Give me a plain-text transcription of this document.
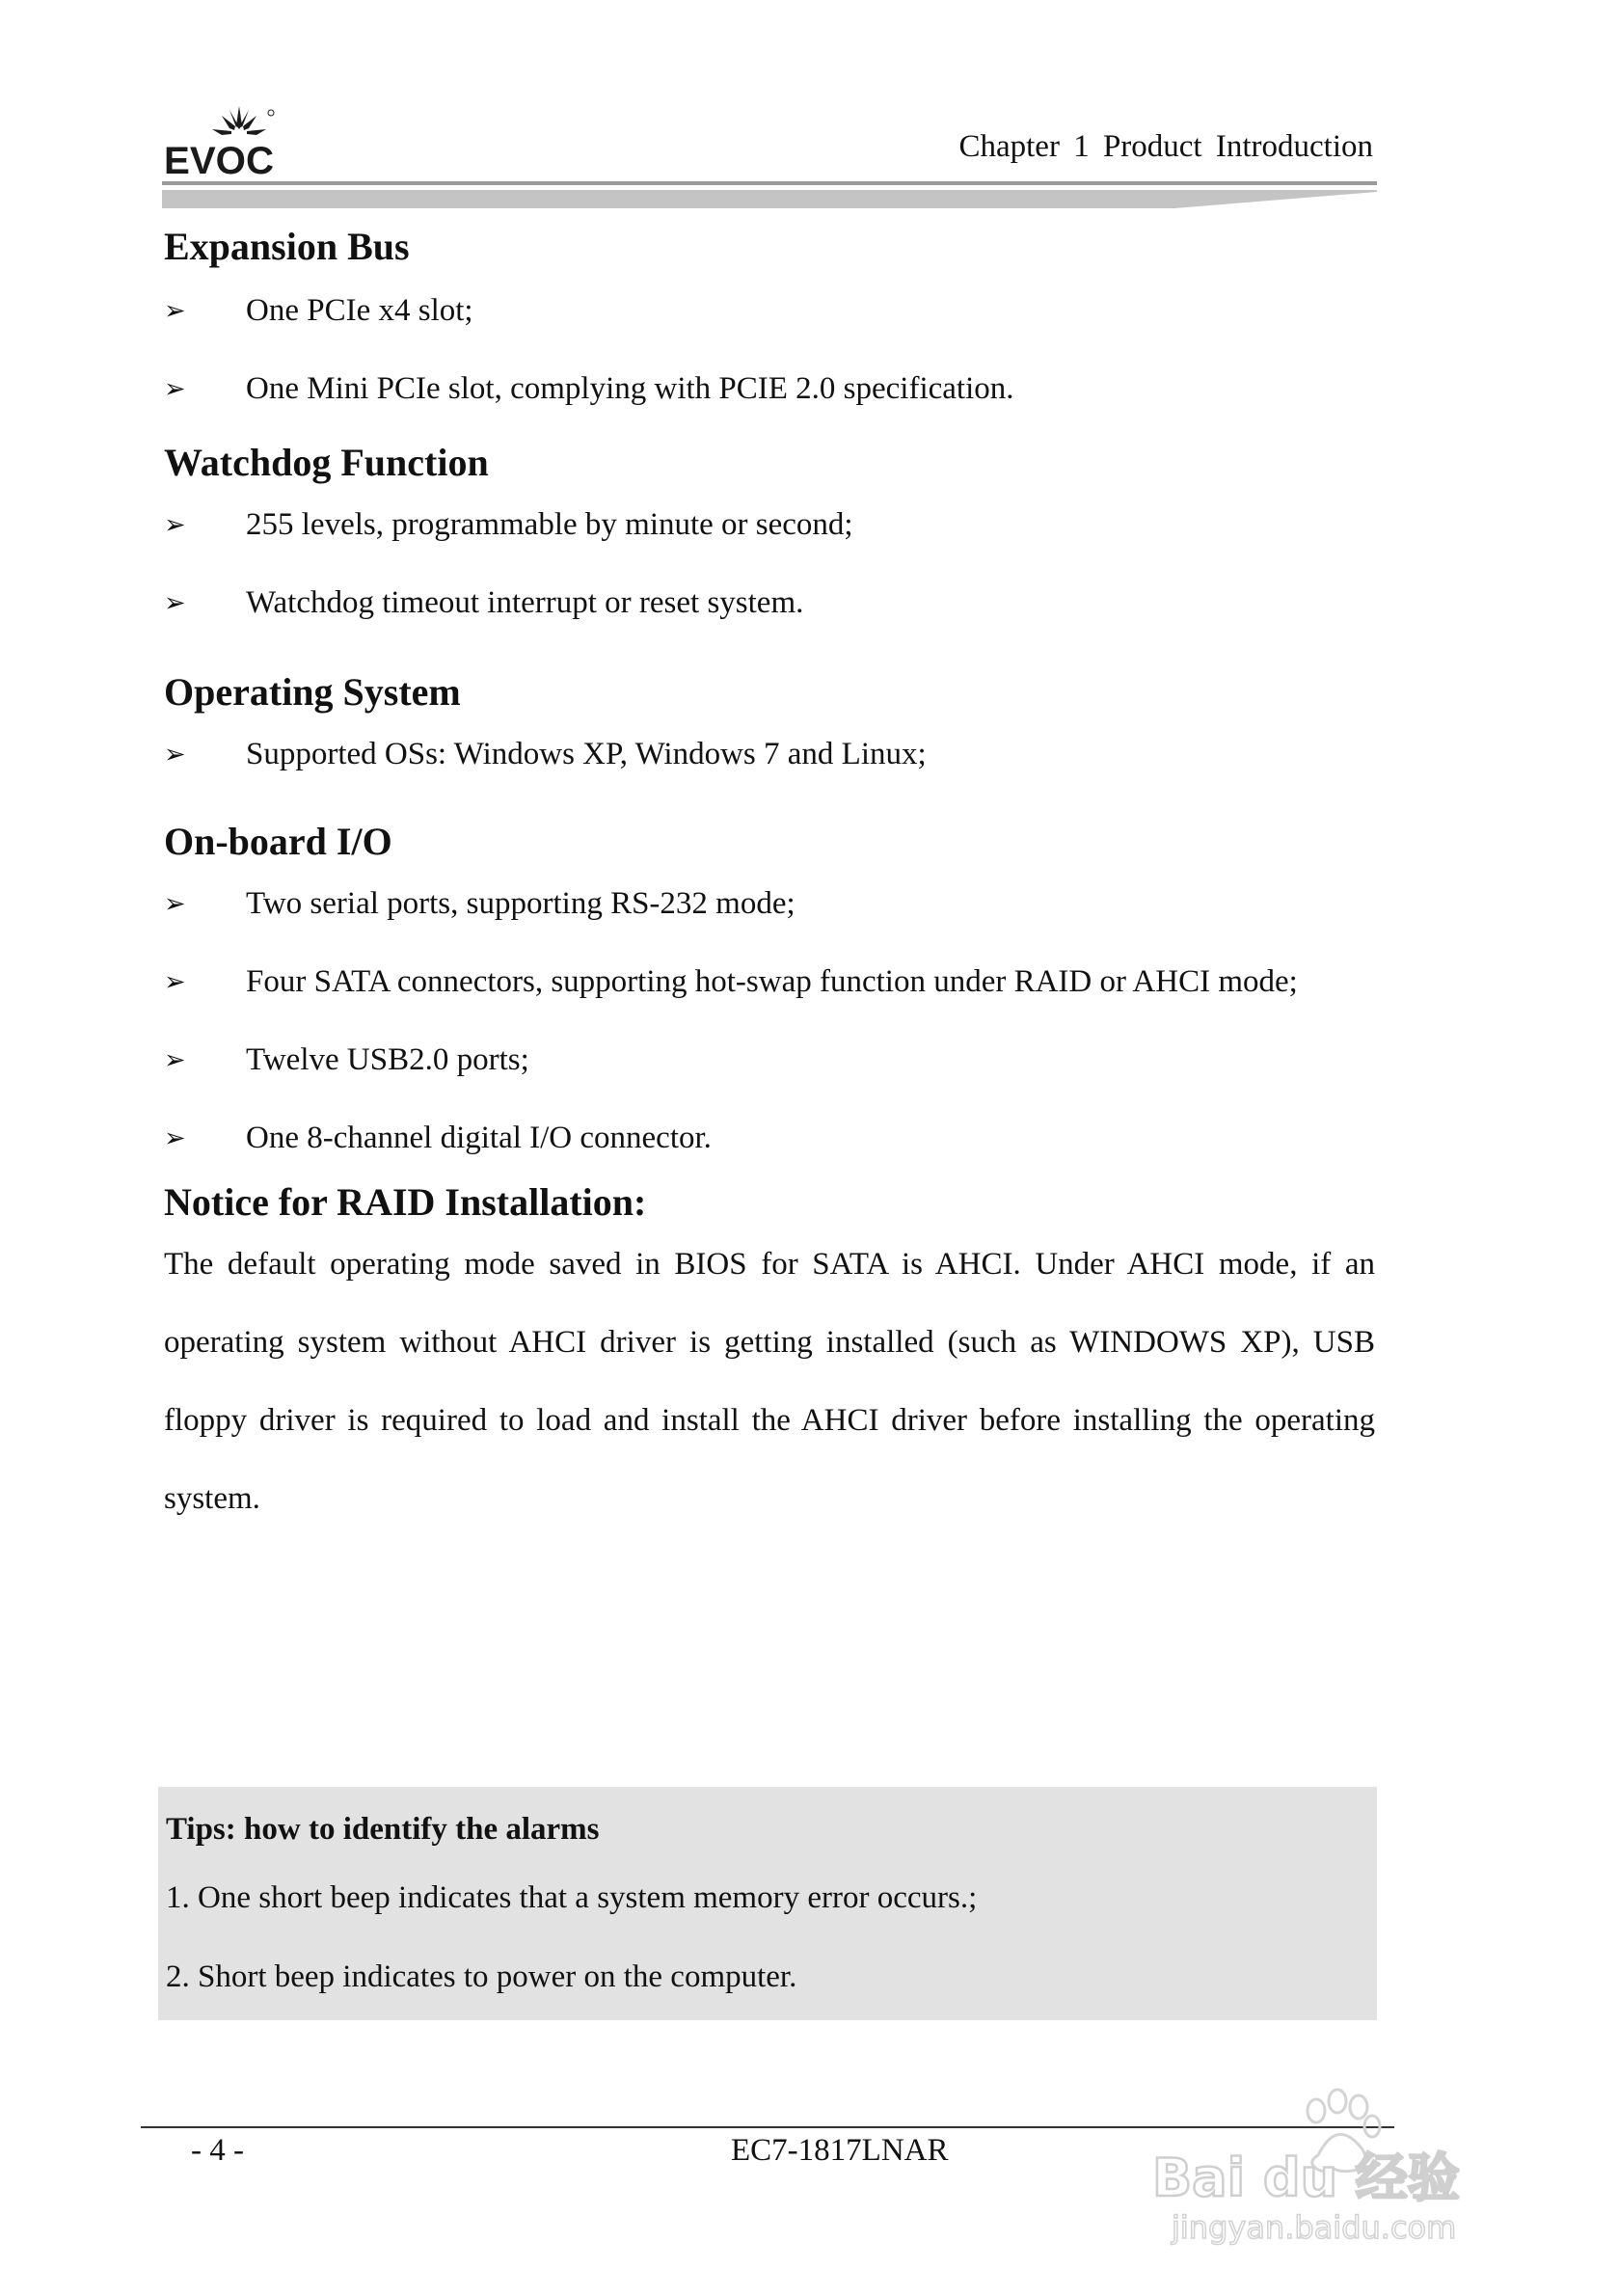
EVOC	Chapter 1 Product Introduction
Expansion Bus
➢ One PCIe x4 slot;
➢ One Mini PCIe slot, complying with PCIE 2.0 specification.
Watchdog Function
➢ 255 levels, programmable by minute or second;
➢ Watchdog timeout interrupt or reset system.
Operating System
➢ Supported OSs: Windows XP, Windows 7 and Linux;
On-board I/O
➢ Two serial ports, supporting RS-232 mode;
➢ Four SATA connectors, supporting hot-swap function under RAID or AHCI mode;
➢ Twelve USB2.0 ports;
➢ One 8-channel digital I/O connector.
Notice for RAID Installation:

The default operating mode saved in BIOS for SATA is AHCI. Under AHCI mode, if an operating system without AHCI driver is getting installed (such as WINDOWS XP), USB floppy driver is required to load and install the AHCI driver before installing the operating system.

Tips: how to identify the alarms
1. One short beep indicates that a system memory error occurs.;
2. Short beep indicates to power on the computer.
- 4 -	EC7-1817LNAR	Bai du 经验
jingyan.baidu.com
